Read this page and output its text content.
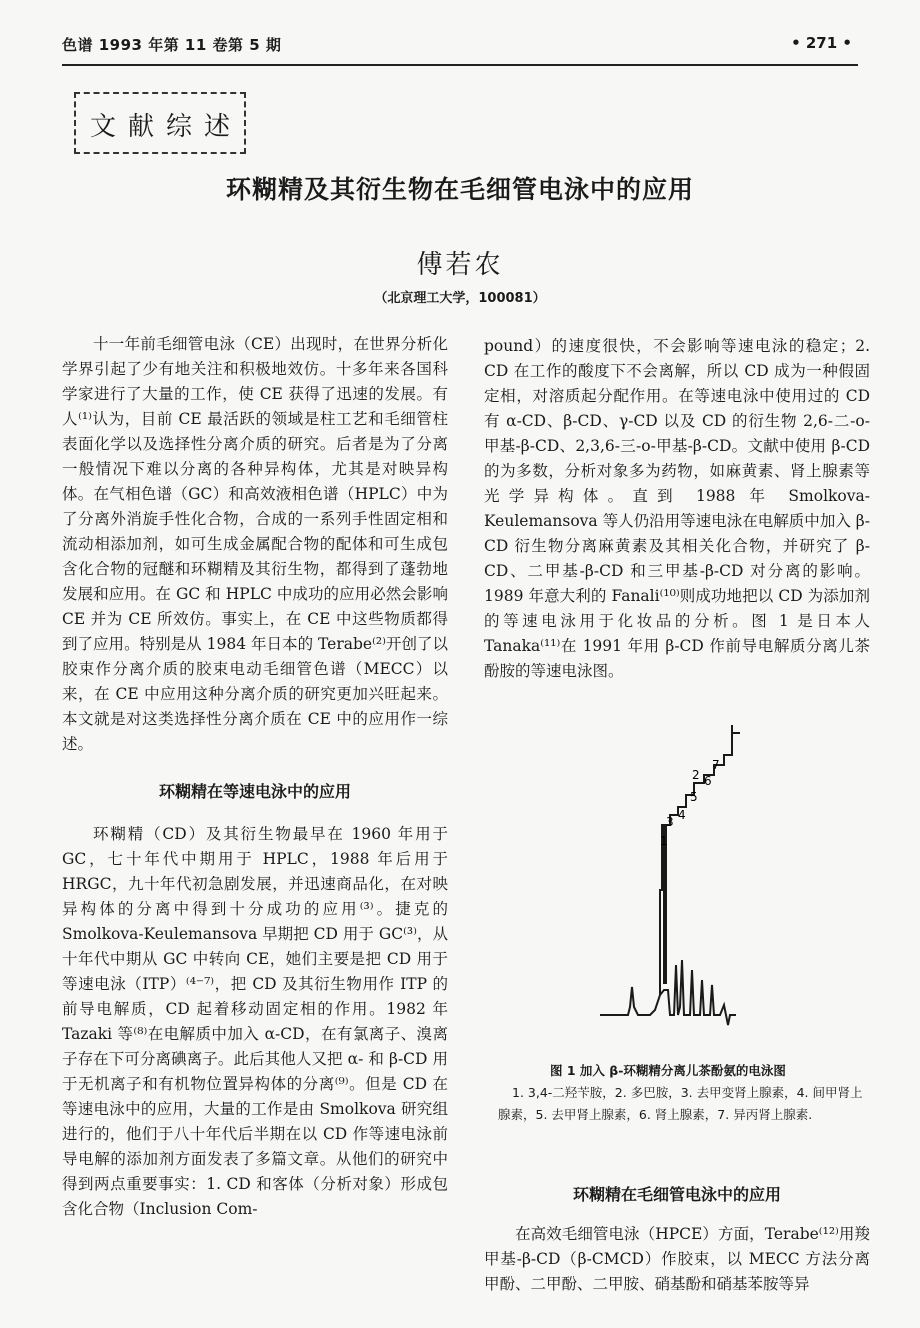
色谱 1993 年第 11 卷第 5 期	• 271 •
文献综述
环糊精及其衍生物在毛细管电泳中的应用
傅若农
（北京理工大学，100081）

十一年前毛细管电泳（CE）出现时，在世界分析化学界引起了少有地关注和积极地效仿。十多年来各国科学家进行了大量的工作，使 CE 获得了迅速的发展。有人⁽¹⁾认为，目前 CE 最活跃的领域是柱工艺和毛细管柱表面化学以及选择性分离介质的研究。后者是为了分离一般情况下难以分离的各种异构体，尤其是对映异构体。在气相色谱（GC）和高效液相色谱（HPLC）中为了分离外消旋手性化合物，合成的一系列手性固定相和流动相添加剂，如可生成金属配合物的配体和可生成包含化合物的冠醚和环糊精及其衍生物，都得到了蓬勃地发展和应用。在 GC 和 HPLC 中成功的应用必然会影响 CE 并为 CE 所效仿。事实上，在 CE 中这些物质都得到了应用。特别是从 1984 年日本的 Terabe⁽²⁾开创了以胶束作分离介质的胶束电动毛细管色谱（MECC）以来，在 CE 中应用这种分离介质的研究更加兴旺起来。本文就是对这类选择性分离介质在 CE 中的应用作一综述。

环糊精在等速电泳中的应用

环糊精（CD）及其衍生物最早在 1960 年用于 GC，七十年代中期用于 HPLC，1988 年后用于 HRGC，九十年代初急剧发展，并迅速商品化，在对映异构体的分离中得到十分成功的应用⁽³⁾。捷克的 Smolkova-Keulemansova 早期把 CD 用于 GC⁽³⁾，从十年代中期从 GC 中转向 CE，她们主要是把 CD 用于等速电泳（ITP）⁽⁴⁻⁷⁾，把 CD 及其衍生物用作 ITP 的前导电解质，CD 起着移动固定相的作用。1982 年 Tazaki 等⁽⁸⁾在电解质中加入 α-CD，在有氯离子、溴离子存在下可分离碘离子。此后其他人又把 α- 和 β-CD 用于无机离子和有机物位置异构体的分离⁽⁹⁾。但是 CD 在等速电泳中的应用，大量的工作是由 Smolkova 研究组进行的，他们于八十年代后半期在以 CD 作等速电泳前导电解的添加剂方面发表了多篇文章。从他们的研究中得到两点重要事实：1. CD 和客体（分析对象）形成包含化合物（Inclusion Com-

pound）的速度很快，不会影响等速电泳的稳定；2. CD 在工作的酸度下不会离解，所以 CD 成为一种假固定相，对溶质起分配作用。在等速电泳中使用过的 CD 有 α-CD、β-CD、γ-CD 以及 CD 的衍生物 2,6-二-o-甲基-β-CD、2,3,6-三-o-甲基-β-CD。文献中使用 β-CD 的为多数，分析对象多为药物，如麻黄素、肾上腺素等光学异构体。直到 1988 年 Smolkova-Keulemansova 等人仍沿用等速电泳在电解质中加入 β-CD 衍生物分离麻黄素及其相关化合物，并研究了 β-CD、二甲基-β-CD 和三甲基-β-CD 对分离的影响。1989 年意大利的 Fanali⁽¹⁰⁾则成功地把以 CD 为添加剂的等速电泳用于化妆品的分析。图 1 是日本人 Tanaka⁽¹¹⁾在 1991 年用 β-CD 作前导电解质分离儿茶酚胺的等速电泳图。

1
3 4
5
2 6
7
图 1 加入 β-环糊精分离儿茶酚氨的电泳图
1. 3,4-二羟苄胺，2. 多巴胺，3. 去甲变肾上腺素，4. 间甲肾上腺素，5. 去甲肾上腺素，6. 肾上腺素，7. 异丙肾上腺素.
环糊精在毛细管电泳中的应用

在高效毛细管电泳（HPCE）方面，Terabe⁽¹²⁾用羧甲基-β-CD（β-CMCD）作胶束，以 MECC 方法分离甲酚、二甲酚、二甲胺、硝基酚和硝基苯胺等异
